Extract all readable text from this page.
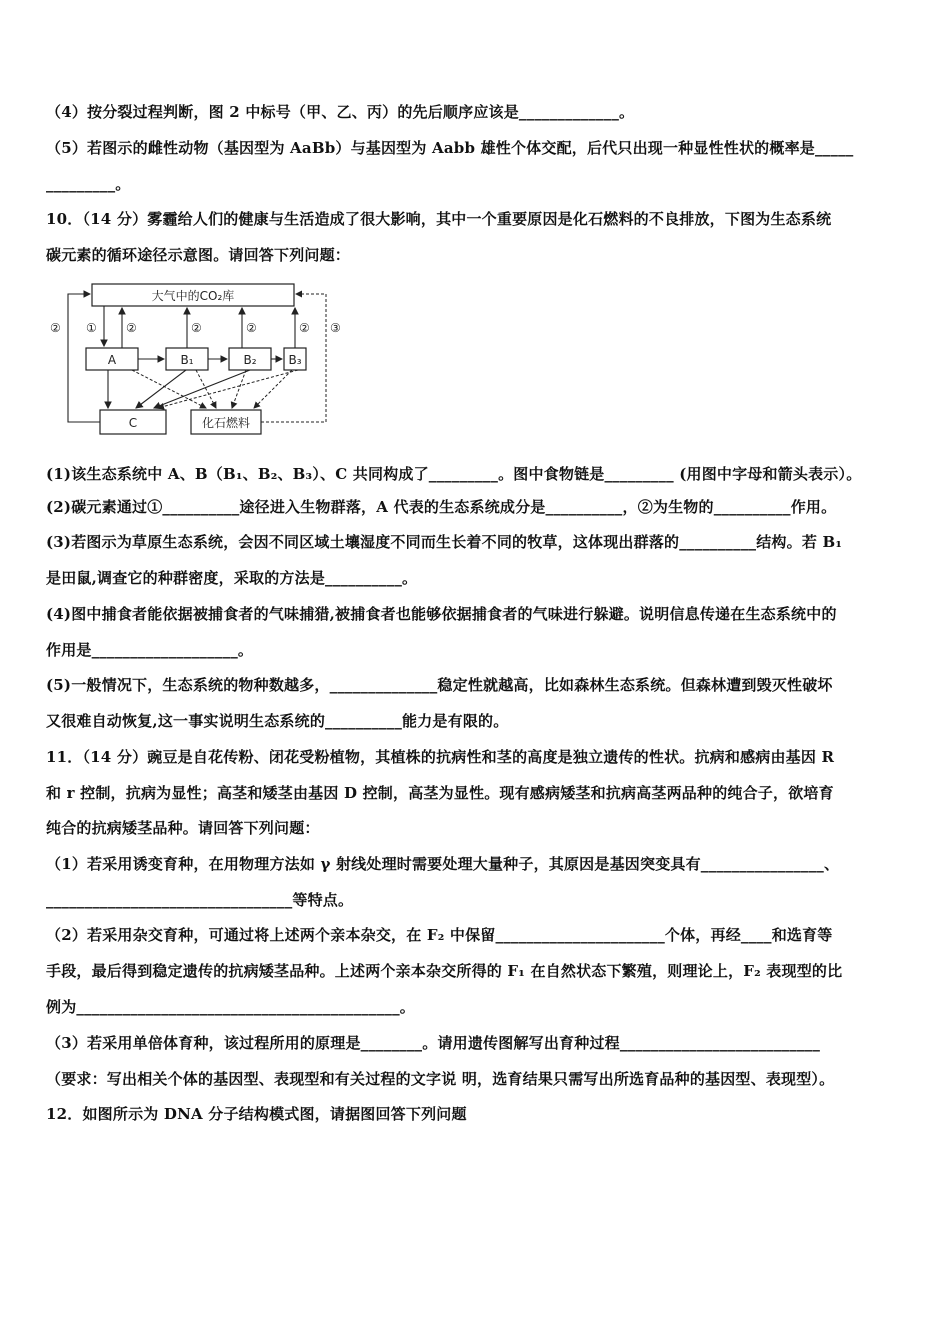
（4）按分裂过程判断，图 2 中标号（甲、乙、丙）的先后顺序应该是_____________。
（5）若图示的雌性动物（基因型为 AaBb）与基因型为 Aabb 雄性个体交配，后代只出现一种显性性状的概率是_____
_________。
10．（14 分）雾霾给人们的健康与生活造成了很大影响，其中一个重要原因是化石燃料的不良排放，下图为生态系统
碳元素的循环途径示意图。请回答下列问题：
大气中的CO₂库
A	B₁	B₂	B₃
C	化石燃料
① ②	②	②	②
②	③
(1)该生态系统中 A、B（B₁、B₂、B₃）、C 共同构成了_________。图中食物链是_________ (用图中字母和箭头表示）。
(2)碳元素通过①__________途径进入生物群落，A 代表的生态系统成分是__________，②为生物的__________作用。
(3)若图示为草原生态系统，会因不同区域土壤湿度不同而生长着不同的牧草，这体现出群落的__________结构。若 B₁
是田鼠,调查它的种群密度，采取的方法是__________。
(4)图中捕食者能依据被捕食者的气味捕猎,被捕食者也能够依据捕食者的气味进行躲避。说明信息传递在生态系统中的
作用是___________________。
(5)一般情况下，生态系统的物种数越多，______________稳定性就越高，比如森林生态系统。但森林遭到毁灭性破坏
又很难自动恢复,这一事实说明生态系统的__________能力是有限的。
11．（14 分）豌豆是自花传粉、闭花受粉植物，其植株的抗病性和茎的高度是独立遗传的性状。抗病和感病由基因 R
和 r 控制，抗病为显性；高茎和矮茎由基因 D 控制，高茎为显性。现有感病矮茎和抗病高茎两品种的纯合子，欲培育
纯合的抗病矮茎品种。请回答下列问题：
（1）若采用诱变育种，在用物理方法如 γ 射线处理时需要处理大量种子，其原因是基因突变具有________________、
________________________________等特点。
（2）若采用杂交育种，可通过将上述两个亲本杂交，在 F₂ 中保留______________________个体，再经____和选育等
手段，最后得到稳定遗传的抗病矮茎品种。上述两个亲本杂交所得的 F₁ 在自然状态下繁殖，则理论上，F₂ 表现型的比
例为__________________________________________。
（3）若采用单倍体育种，该过程所用的原理是________。请用遗传图解写出育种过程__________________________
（要求：写出相关个体的基因型、表现型和有关过程的文字说 明，选育结果只需写出所选育品种的基因型、表现型）。
12．如图所示为 DNA 分子结构模式图，请据图回答下列问题
